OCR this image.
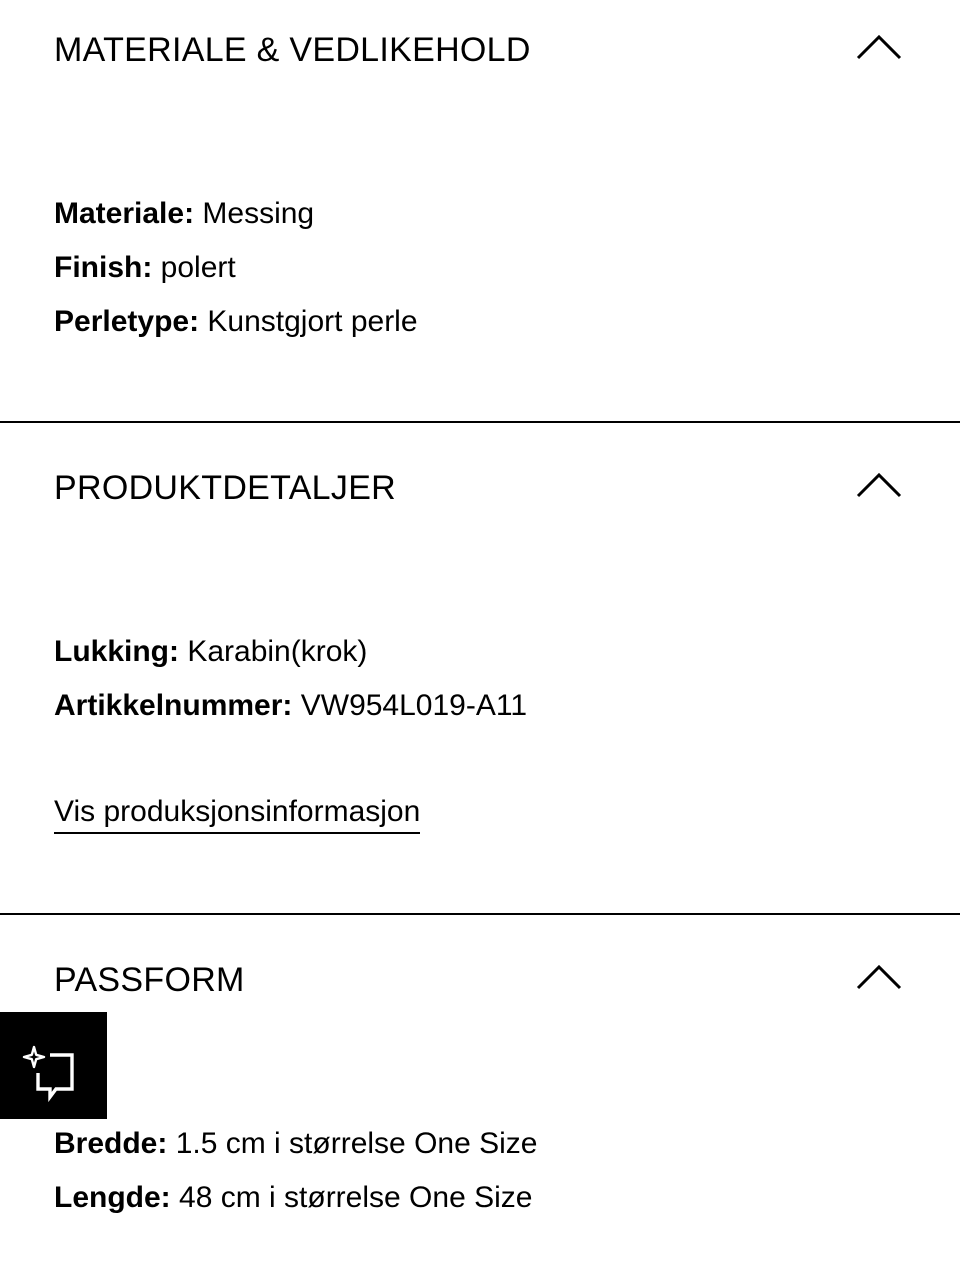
MATERIALE & VEDLIKEHOLD
Materiale: Messing
Finish: polert
Perletype: Kunstgjort perle
PRODUKTDETALJER
Lukking: Karabin(krok)
Artikkelnummer: VW954L019-A11
Vis produksjonsinformasjon
PASSFORM
Bredde: 1.5 cm i størrelse One Size
Lengde: 48 cm i størrelse One Size
